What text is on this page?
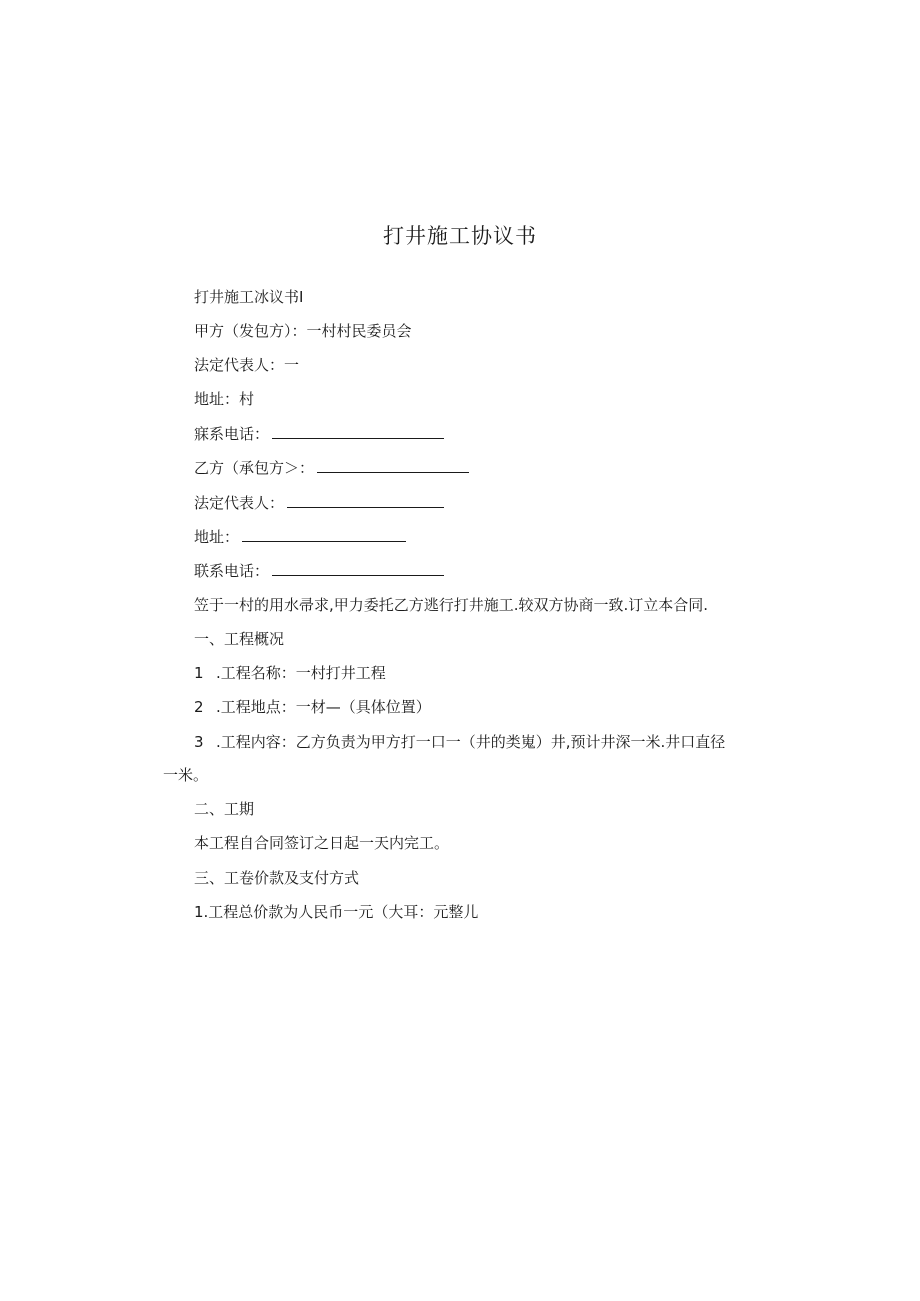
打井施工协议书
打井施工冰议书I
甲方（发包方）：一村村民委员会
法定代表人：一
地址：村
寐系电话：
乙方（承包方＞：
法定代表人：
地址：
联系电话：
笠于一村的用水帚求,甲力委托乙方逃行打井施工.较双方协商一致.订立本合同.
一、工程概况
1 .工程名称：一村打井工程
2 .工程地点：一材—（具体位置）
3 .工程内容：乙方负责为甲方打一口一（井的类嵬）井,预计井深一米.井口直径
一米。
二、工期
本工程自合同签订之日起一天内完工。
三、工卷价款及支付方式
1.工程总价款为人民币一元（大耳：元整儿
